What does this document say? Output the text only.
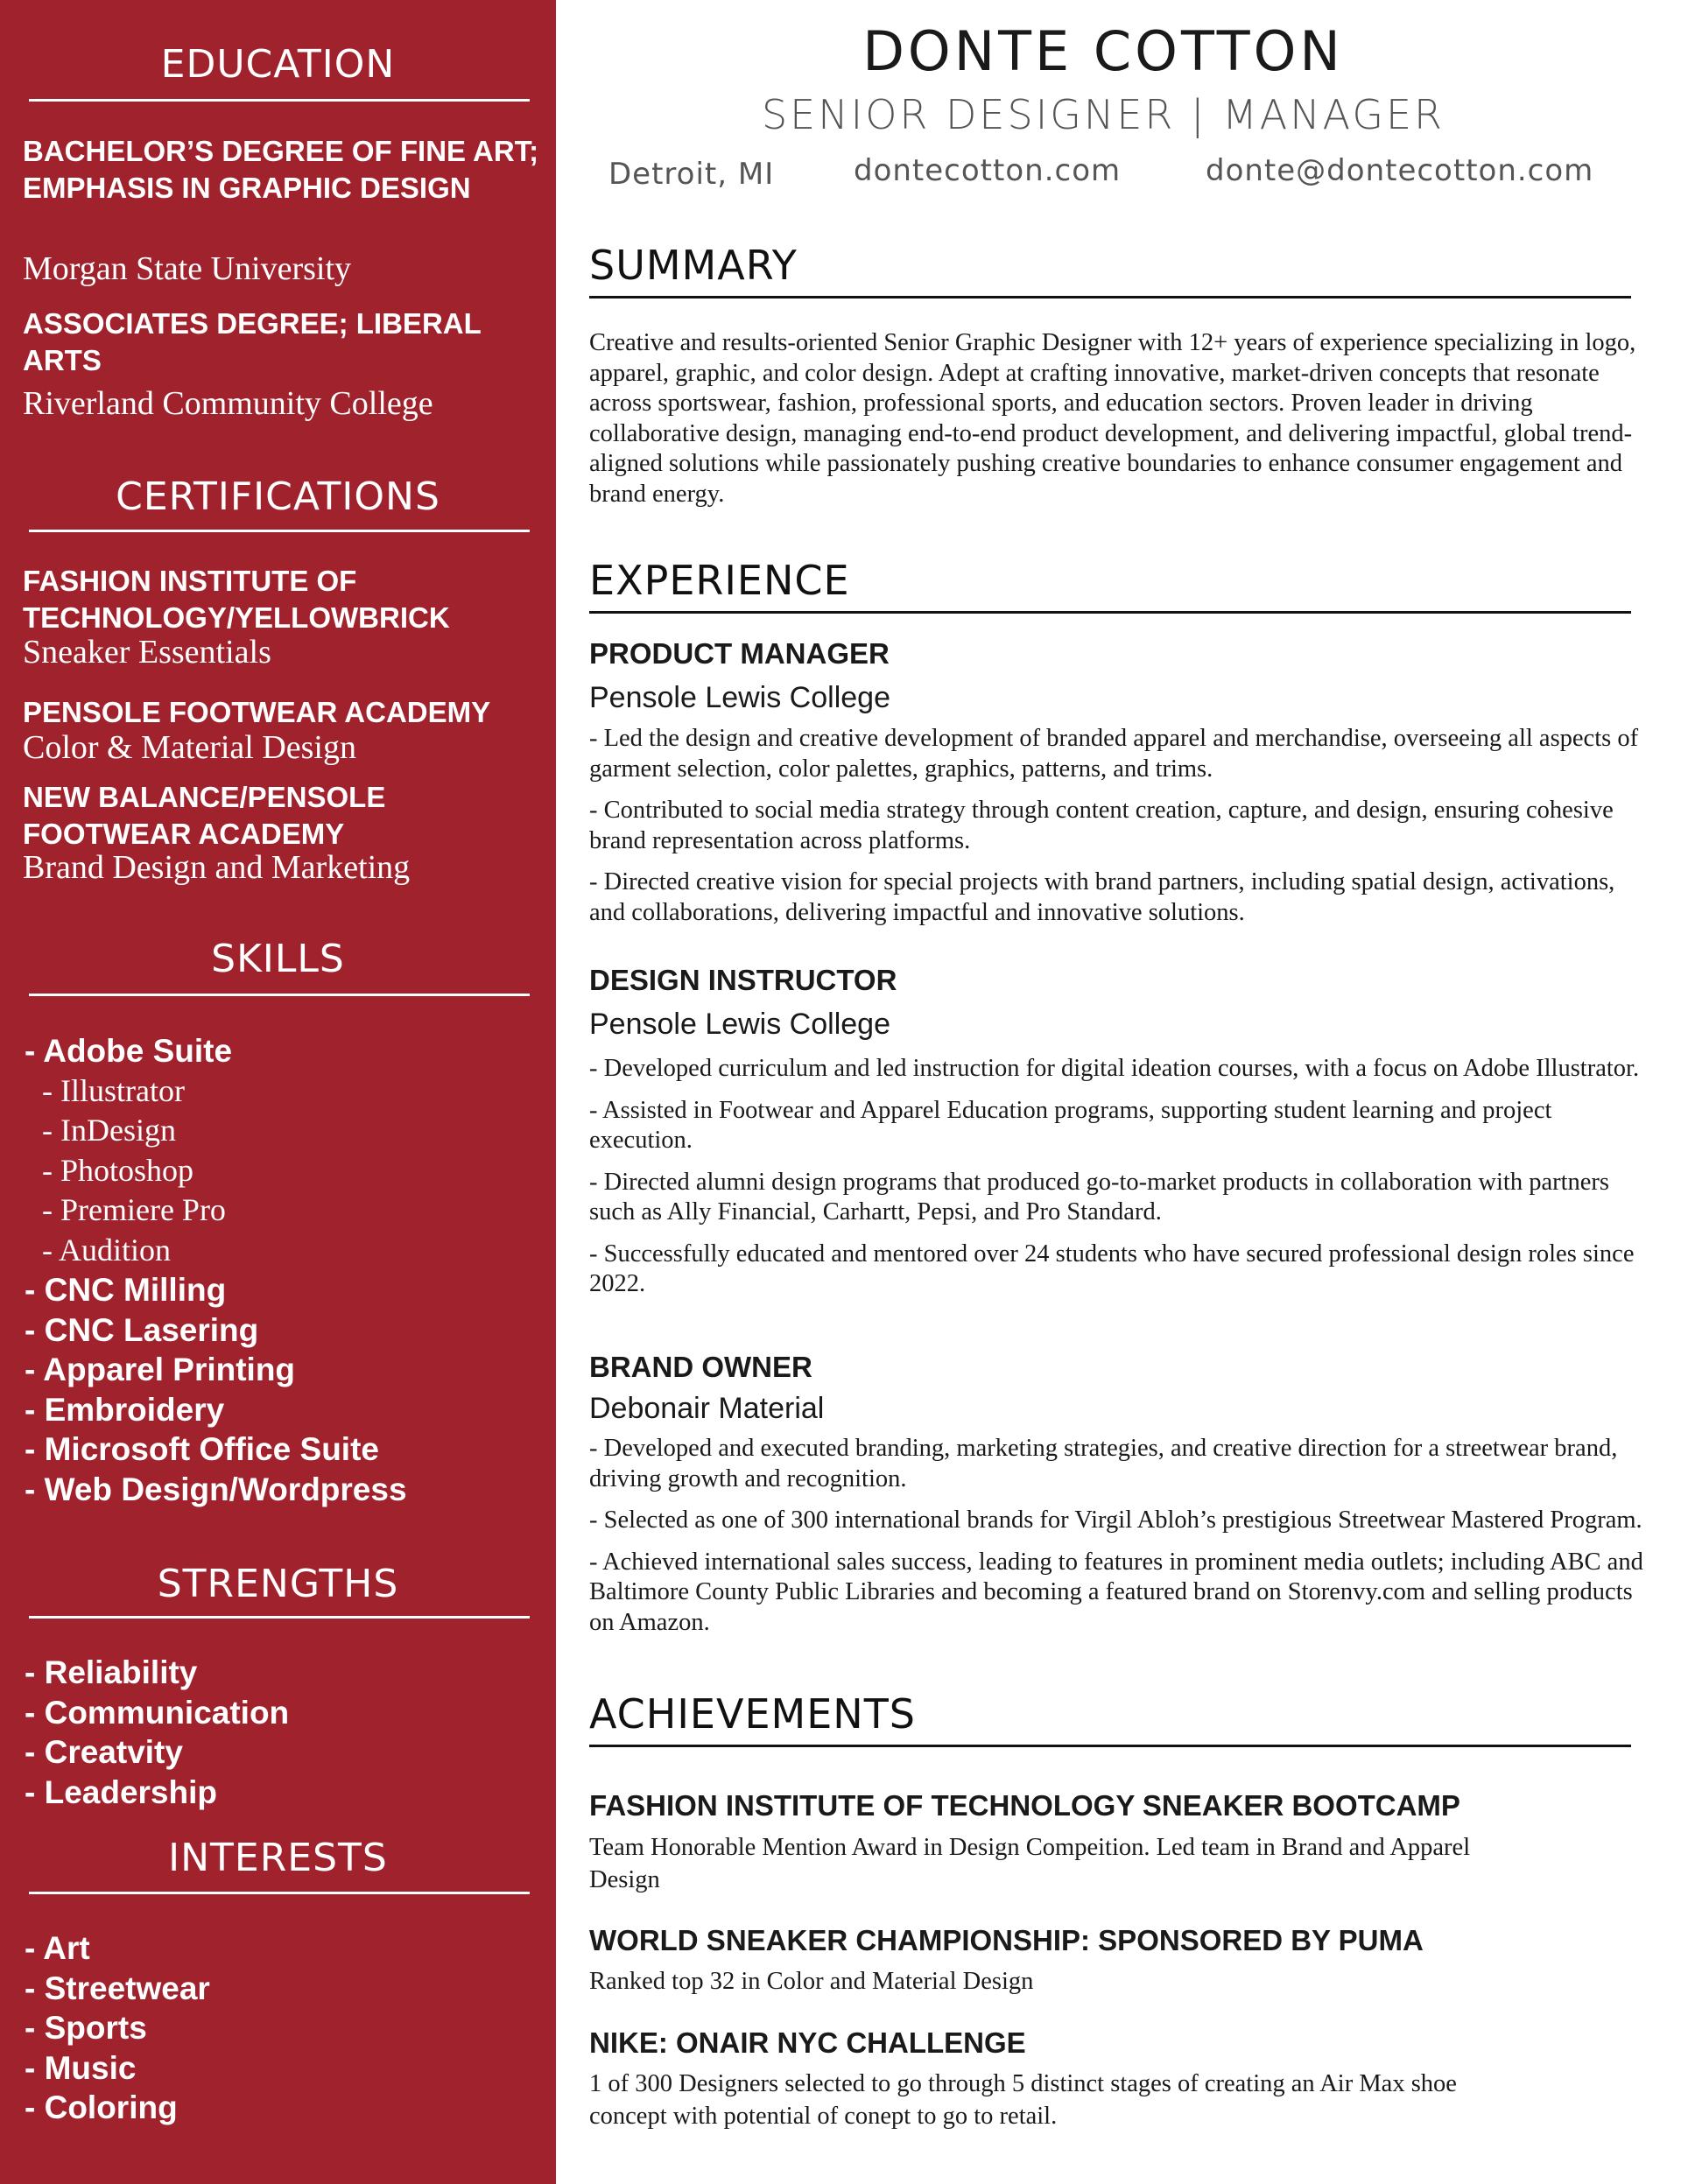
EDUCATION
BACHELOR’S DEGREE OF FINE ART; EMPHASIS IN GRAPHIC DESIGN
Morgan State University
ASSOCIATES DEGREE; LIBERAL ARTS
Riverland Community College
CERTIFICATIONS
FASHION INSTITUTE OF TECHNOLOGY/YELLOWBRICK
Sneaker Essentials
PENSOLE FOOTWEAR ACADEMY
Color & Material Design
NEW BALANCE/PENSOLE FOOTWEAR ACADEMY
Brand Design and Marketing
SKILLS
- Adobe Suite
- Illustrator
- InDesign
- Photoshop
- Premiere Pro
- Audition
- CNC Milling
- CNC Lasering
- Apparel Printing
- Embroidery
- Microsoft Office Suite
- Web Design/Wordpress
STRENGTHS
- Reliability
- Communication
- Creatvity
- Leadership
INTERESTS
- Art
- Streetwear
- Sports
- Music
- Coloring
DONTE COTTON
SENIOR DESIGNER | MANAGER
Detroit, MI	dontecotton.com	donte@dontecotton.com
SUMMARY
Creative and results-oriented Senior Graphic Designer with 12+ years of experience specializing in logo, apparel, graphic, and color design. Adept at crafting innovative, market-driven concepts that resonate across sportswear, fashion, professional sports, and education sectors. Proven leader in driving collaborative design, managing end-to-end product development, and delivering impactful, global trend-aligned solutions while passionately pushing creative boundaries to enhance consumer engagement and brand energy.
EXPERIENCE
PRODUCT MANAGER
Pensole Lewis College
- Led the design and creative development of branded apparel and merchandise, overseeing all aspects of garment selection, color palettes, graphics, patterns, and trims.
- Contributed to social media strategy through content creation, capture, and design, ensuring cohesive brand representation across platforms.
- Directed creative vision for special projects with brand partners, including spatial design, activations, and collaborations, delivering impactful and innovative solutions.
DESIGN INSTRUCTOR
Pensole Lewis College
- Developed curriculum and led instruction for digital ideation courses, with a focus on Adobe Illustrator.
- Assisted in Footwear and Apparel Education programs, supporting student learning and project execution.
- Directed alumni design programs that produced go-to-market products in collaboration with partners such as Ally Financial, Carhartt, Pepsi, and Pro Standard.
- Successfully educated and mentored over 24 students who have secured professional design roles since 2022.
BRAND OWNER
Debonair Material
- Developed and executed branding, marketing strategies, and creative direction for a streetwear brand, driving growth and recognition.
- Selected as one of 300 international brands for Virgil Abloh’s prestigious Streetwear Mastered Program.
- Achieved international sales success, leading to features in prominent media outlets; including ABC and Baltimore County Public Libraries and becoming a featured brand on Storenvy.com and selling products on Amazon.
ACHIEVEMENTS
FASHION INSTITUTE OF TECHNOLOGY SNEAKER BOOTCAMP
Team Honorable Mention Award in Design Compeition. Led team in Brand and Apparel Design
WORLD SNEAKER CHAMPIONSHIP: SPONSORED BY PUMA
Ranked top 32 in Color and Material Design
NIKE: ONAIR NYC CHALLENGE
1 of 300 Designers selected to go through 5 distinct stages of creating an Air Max shoe concept with potential of conept to go to retail.
